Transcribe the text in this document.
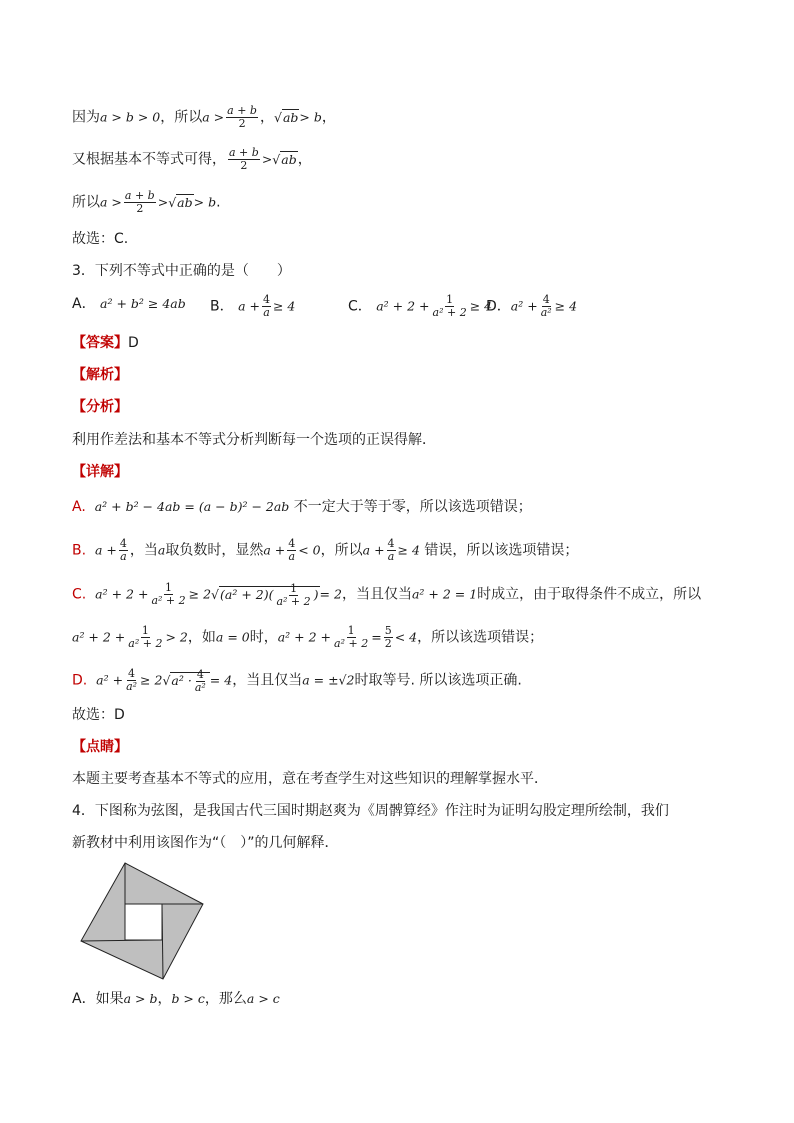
因为a > b > 0，所以$a > \frac{a + b}{2}$ ，√ab> b，
又根据基本不等式可得， $\frac{a + b}{2} >√ab$，
所以$a > \frac{a + b}{2} >√ab> b$.
故选：C.
3．下列不等式中正确的是（　　）
A． a² + b² ≥ 4ab B． $a + \frac{4}{a} \ge 4$	C． $a^2 + 2 + \frac{1}{\text{a² + 2}} \ge 4$
D．$a^2 + \frac{4}{\text{a²}} \ge 4$
【答案】D
【解析】
【分析】
利用作差法和基本不等式分析判断每一个选项的正误得解．
【详解】
A. a² + b² − 4ab = (a − b)² − 2ab 不一定大于等于零，所以该选项错误；
B. $a + \frac{4}{a}$ ，当a取负数时，显然$a + \frac{4}{a} < 0$，所以$a + \frac{4}{a} \ge 4$ 错误，所以该选项错误；
C. $a^2 + 2 + \frac{1}{\text{a² + 2}} \ge 2√(a^2 + 2)( \frac{1}{\text{a² + 2}}$ )= 2，当且仅当a² + 2 = 1时成立，由于取得条件不成立，所以
$a^2 + 2 + \frac{1}{\text{a² + 2}} > 2$，如a = 0时，$a^2 + 2 + \frac{1}{\text{a² + 2}} = \frac{5}{2} < 4$，所以该选项错误；
D. $a^2 + \frac{4}{\text{a²}} \ge 2√a^2 \cdot \frac{4}{\text{a²}} = 4$，当且仅当a = ±√2时取等号. 所以该选项正确.
故选：D
【点睛】
本题主要考查基本不等式的应用，意在考查学生对这些知识的理解掌握水平．
4．下图称为弦图，是我国古代三国时期赵爽为《周髀算经》作注时为证明勾股定理所绘制，我们
新教材中利用该图作为“（　）”的几何解释．
A．如果a > b，b > c，那么a > c
